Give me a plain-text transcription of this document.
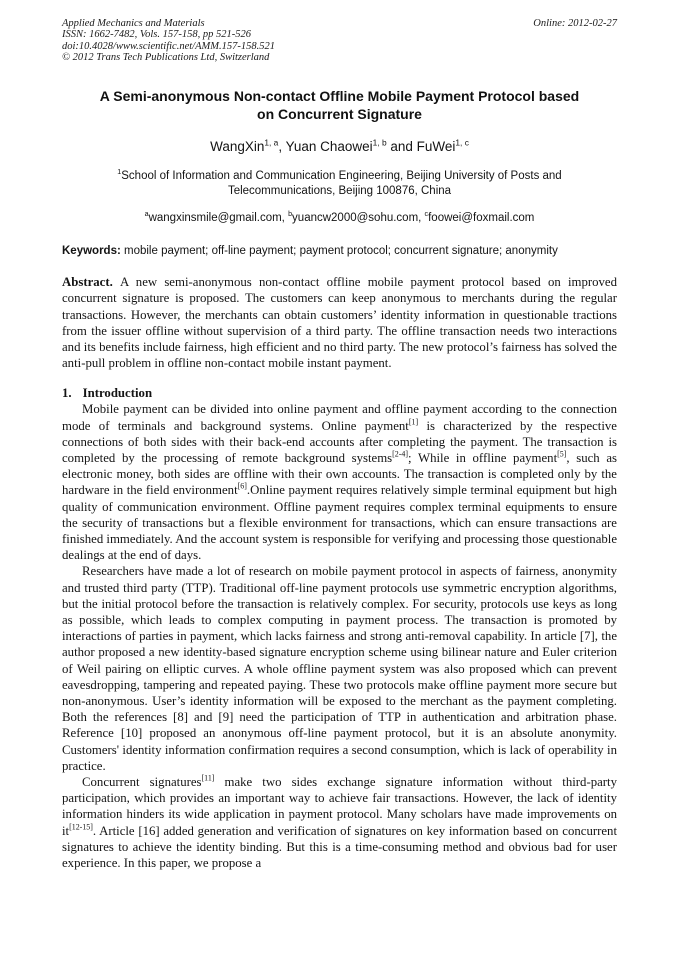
Applied Mechanics and Materials
ISSN: 1662-7482, Vols. 157-158, pp 521-526
doi:10.4028/www.scientific.net/AMM.157-158.521
© 2012 Trans Tech Publications Ltd, Switzerland
Online: 2012-02-27
A Semi-anonymous Non-contact Offline Mobile Payment Protocol based
on Concurrent Signature
WangXin$^{1, a}$, Yuan Chaowei$^{1, b}$ and FuWei$^{1, c}$
$^1$School of Information and Communication Engineering, Beijing University of Posts and Telecommunications, Beijing 100876, China
$^a$wangxinsmile@gmail.com, $^b$yuancw2000@sohu.com, $^c$foowei@foxmail.com
Keywords: mobile payment; off-line payment; payment protocol; concurrent signature; anonymity
Abstract. A new semi-anonymous non-contact offline mobile payment protocol based on improved concurrent signature is proposed. The customers can keep anonymous to merchants during the regular transactions. However, the merchants can obtain customers’ identity information in questionable tractions from the issuer offline without supervision of a third party. The offline transaction needs two interactions and its benefits include fairness, high efficient and no third party. The new protocol’s fairness has solved the anti-pull problem in offline non-contact mobile instant payment.
1. Introduction

Mobile payment can be divided into online payment and offline payment according to the connection mode of terminals and background systems. Online payment[1] is characterized by the respective connections of both sides with their back-end accounts after completing the payment. The transaction is completed by the processing of remote background systems[2-4]; While in offline payment[5], such as electronic money, both sides are offline with their own accounts. The transaction is completed only by the hardware in the field environment[6].Online payment requires relatively simple terminal equipment but high quality of communication environment. Offline payment requires complex terminal equipments to ensure the security of transactions but a flexible environment for transactions, which can ensure transactions are finished immediately. And the account system is responsible for verifying and processing those questionable dealings at the end of days.

Researchers have made a lot of research on mobile payment protocol in aspects of fairness, anonymity and trusted third party (TTP). Traditional off-line payment protocols use symmetric encryption algorithms, but the initial protocol before the transaction is relatively complex. For security, protocols use keys as long as possible, which leads to complex computing in payment process. The transaction is promoted by interactions of parties in payment, which lacks fairness and strong anti-removal capability. In article [7], the author proposed a new identity-based signature encryption scheme using bilinear nature and Euler criterion of Weil pairing on elliptic curves. A whole offline payment system was also proposed which can prevent eavesdropping, tampering and repeated paying. These two protocols make offline payment more secure but non-anonymous. User’s identity information will be exposed to the merchant as the payment completing. Both the references [8] and [9] need the participation of TTP in authentication and arbitration phase. Reference [10] proposed an anonymous off-line payment protocol, but it is an absolute anonymity. Customers' identity information confirmation requires a second consumption, which is lack of operability in practice.

Concurrent signatures[11] make two sides exchange signature information without third-party participation, which provides an important way to achieve fair transactions. However, the lack of identity information hinders its wide application in payment protocol. Many scholars have made improvements on it[12-15]. Article [16] added generation and verification of signatures on key information based on concurrent signatures to achieve the identity binding. But this is a time-consuming method and obvious bad for user experience. In this paper, we propose a
